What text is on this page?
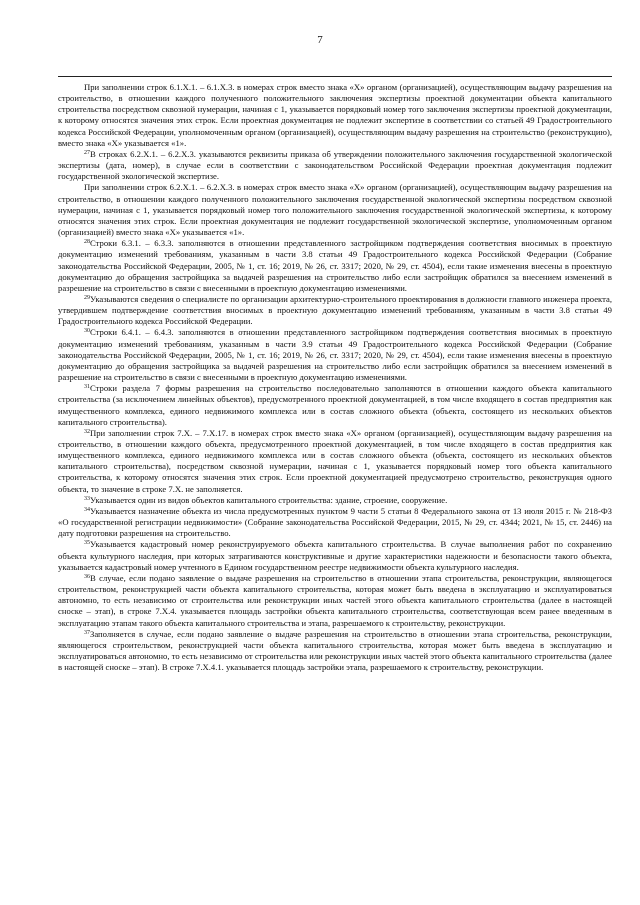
7

При заполнении строк 6.1.Х.1. – 6.1.Х.3. в номерах строк вместо знака «Х» органом (организацией), осуществляющим выдачу разрешения на строительство, в отношении каждого полученного положительного заключения экспертизы проектной документации объекта капитального строительства посредством сквозной нумерации, начиная с 1, указывается порядковый номер того заключения экспертизы проектной документации, к которому относятся значения этих строк. Если проектная документация не подлежит экспертизе в соответствии со статьей 49 Градостроительного кодекса Российской Федерации, уполномоченным органом (организацией), осуществляющим выдачу разрешения на строительство (реконструкцию), вместо знака «Х» указывается «1».

$^{27}$В строках 6.2.Х.1. – 6.2.Х.3. указываются реквизиты приказа об утверждении положительного заключения государственной экологической экспертизы (дата, номер), в случае если в соответствии с законодательством Российской Федерации проектная документация подлежит государственной экологической экспертизе.

При заполнении строк 6.2.Х.1. – 6.2.Х.3. в номерах строк вместо знака «Х» органом (организацией), осуществляющим выдачу разрешения на строительство, в отношении каждого полученного положительного заключения государственной экологической экспертизы посредством сквозной нумерации, начиная с 1, указывается порядковый номер того положительного заключения государственной экологической экспертизы, к которому относятся значения этих строк. Если проектная документация не подлежит государственной экологической экспертизе, уполномоченным органом (организацией) вместо знака «Х» указывается «1».

$^{28}$Строки 6.3.1. – 6.3.3. заполняются в отношении представленного застройщиком подтверждения соответствия вносимых в проектную документацию изменений требованиям, указанным в части 3.8 статьи 49 Градостроительного кодекса Российской Федерации (Собрание законодательства Российской Федерации, 2005, № 1, ст. 16; 2019, № 26, ст. 3317; 2020, № 29, ст. 4504), если такие изменения внесены в проектную документацию до обращения застройщика за выдачей разрешения на строительство либо если застройщик обратился за внесением изменений в разрешение на строительство в связи с внесенными в проектную документацию изменениями.

$^{29}$Указываются сведения о специалисте по организации архитектурно-строительного проектирования в должности главного инженера проекта, утвердившем подтверждение соответствия вносимых в проектную документацию изменений требованиям, указанным в части 3.8 статьи 49 Градостроительного кодекса Российской Федерации.

$^{30}$Строки 6.4.1. – 6.4.3. заполняются в отношении представленного застройщиком подтверждения соответствия вносимых в проектную документацию изменений требованиям, указанным в части 3.9 статьи 49 Градостроительного кодекса Российской Федерации (Собрание законодательства Российской Федерации, 2005, № 1, ст. 16; 2019, № 26, ст. 3317; 2020, № 29, ст. 4504), если такие изменения внесены в проектную документацию до обращения застройщика за выдачей разрешения на строительство либо если застройщик обратился за внесением изменений в разрешение на строительство в связи с внесенными в проектную документацию изменениями.

$^{31}$Строки раздела 7 формы разрешения на строительство последовательно заполняются в отношении каждого объекта капитального строительства (за исключением линейных объектов), предусмотренного проектной документацией, в том числе входящего в состав предприятия как имущественного комплекса, единого недвижимого комплекса или в состав сложного объекта (объекта, состоящего из нескольких объектов капитального строительства).

$^{32}$При заполнении строк 7.Х. – 7.Х.17. в номерах строк вместо знака «Х» органом (организацией), осуществляющим выдачу разрешения на строительство, в отношении каждого объекта, предусмотренного проектной документацией, в том числе входящего в состав предприятия как имущественного комплекса, единого недвижимого комплекса или в состав сложного объекта (объекта, состоящего из нескольких объектов капитального строительства), посредством сквозной нумерации, начиная с 1, указывается порядковый номер того объекта капитального строительства, к которому относятся значения этих строк. Если проектной документацией предусмотрено строительство, реконструкция одного объекта, то значение в строке 7.Х. не заполняется.

$^{33}$Указывается один из видов объектов капитального строительства: здание, строение, сооружение.

$^{34}$Указывается назначение объекта из числа предусмотренных пунктом 9 части 5 статьи 8 Федерального закона от 13 июля 2015 г. № 218-ФЗ «О государственной регистрации недвижимости» (Собрание законодательства Российской Федерации, 2015, № 29, ст. 4344; 2021, № 15, ст. 2446) на дату подготовки разрешения на строительство.

$^{35}$Указывается кадастровый номер реконструируемого объекта капитального строительства. В случае выполнения работ по сохранению объекта культурного наследия, при которых затрагиваются конструктивные и другие характеристики надежности и безопасности такого объекта, указывается кадастровый номер учтенного в Едином государственном реестре недвижимости объекта культурного наследия.

$^{36}$В случае, если подано заявление о выдаче разрешения на строительство в отношении этапа строительства, реконструкции, являющегося строительством, реконструкцией части объекта капитального строительства, которая может быть введена в эксплуатацию и эксплуатироваться автономно, то есть независимо от строительства или реконструкции иных частей этого объекта капитального строительства (далее в настоящей сноске – этап), в строке 7.Х.4. указывается площадь застройки объекта капитального строительства, соответствующая всем ранее введенным в эксплуатацию этапам такого объекта капитального строительства и этапа, разрешаемого к строительству, реконструкции.

$^{37}$Заполняется в случае, если подано заявление о выдаче разрешения на строительство в отношении этапа строительства, реконструкции, являющегося строительством, реконструкцией части объекта капитального строительства, которая может быть введена в эксплуатацию и эксплуатироваться автономно, то есть независимо от строительства или реконструкции иных частей этого объекта капитального строительства (далее в настоящей сноске – этап). В строке 7.Х.4.1. указывается площадь застройки этапа, разрешаемого к строительству, реконструкции.
